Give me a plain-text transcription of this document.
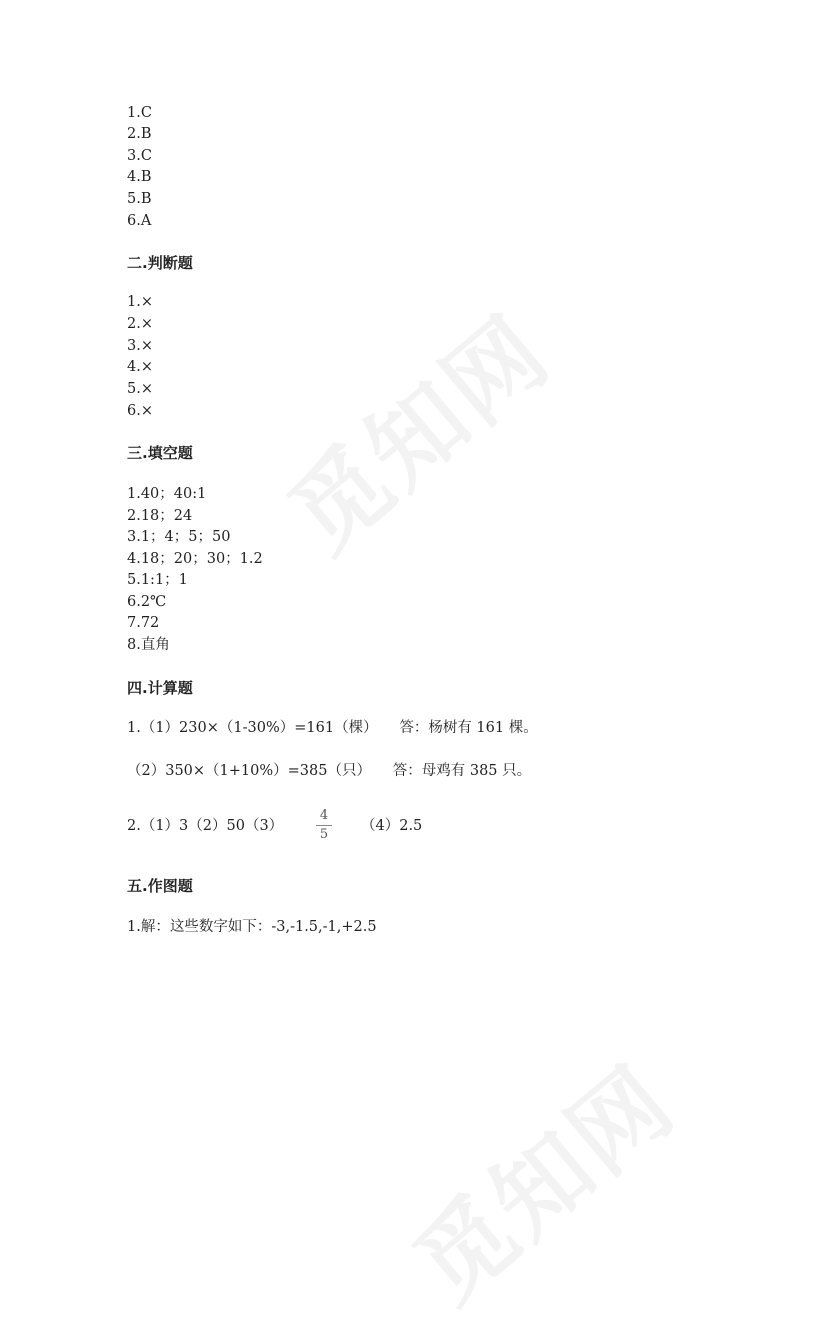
1.C
2.B
3.C
4.B
5.B
6.A
二.判断题
1.×
2.×
3.×
4.×
5.×
6.×
三.填空题
1.40；40:1
2.18；24
3.1；4；5；50
4.18；20；30；1.2
5.1:1；1
6.2℃
7.72
8.直角
四.计算题
1.（1）230×（1-30%）=161（棵）　　答：杨树有 161 棵。
（2）350×（1+10%）=385（只）　　答：母鸡有 385 只。
2.（1）3（2）50（3）
4
5
（4）2.5
五.作图题
1.解：这些数字如下：-3,-1.5,-1,+2.5
